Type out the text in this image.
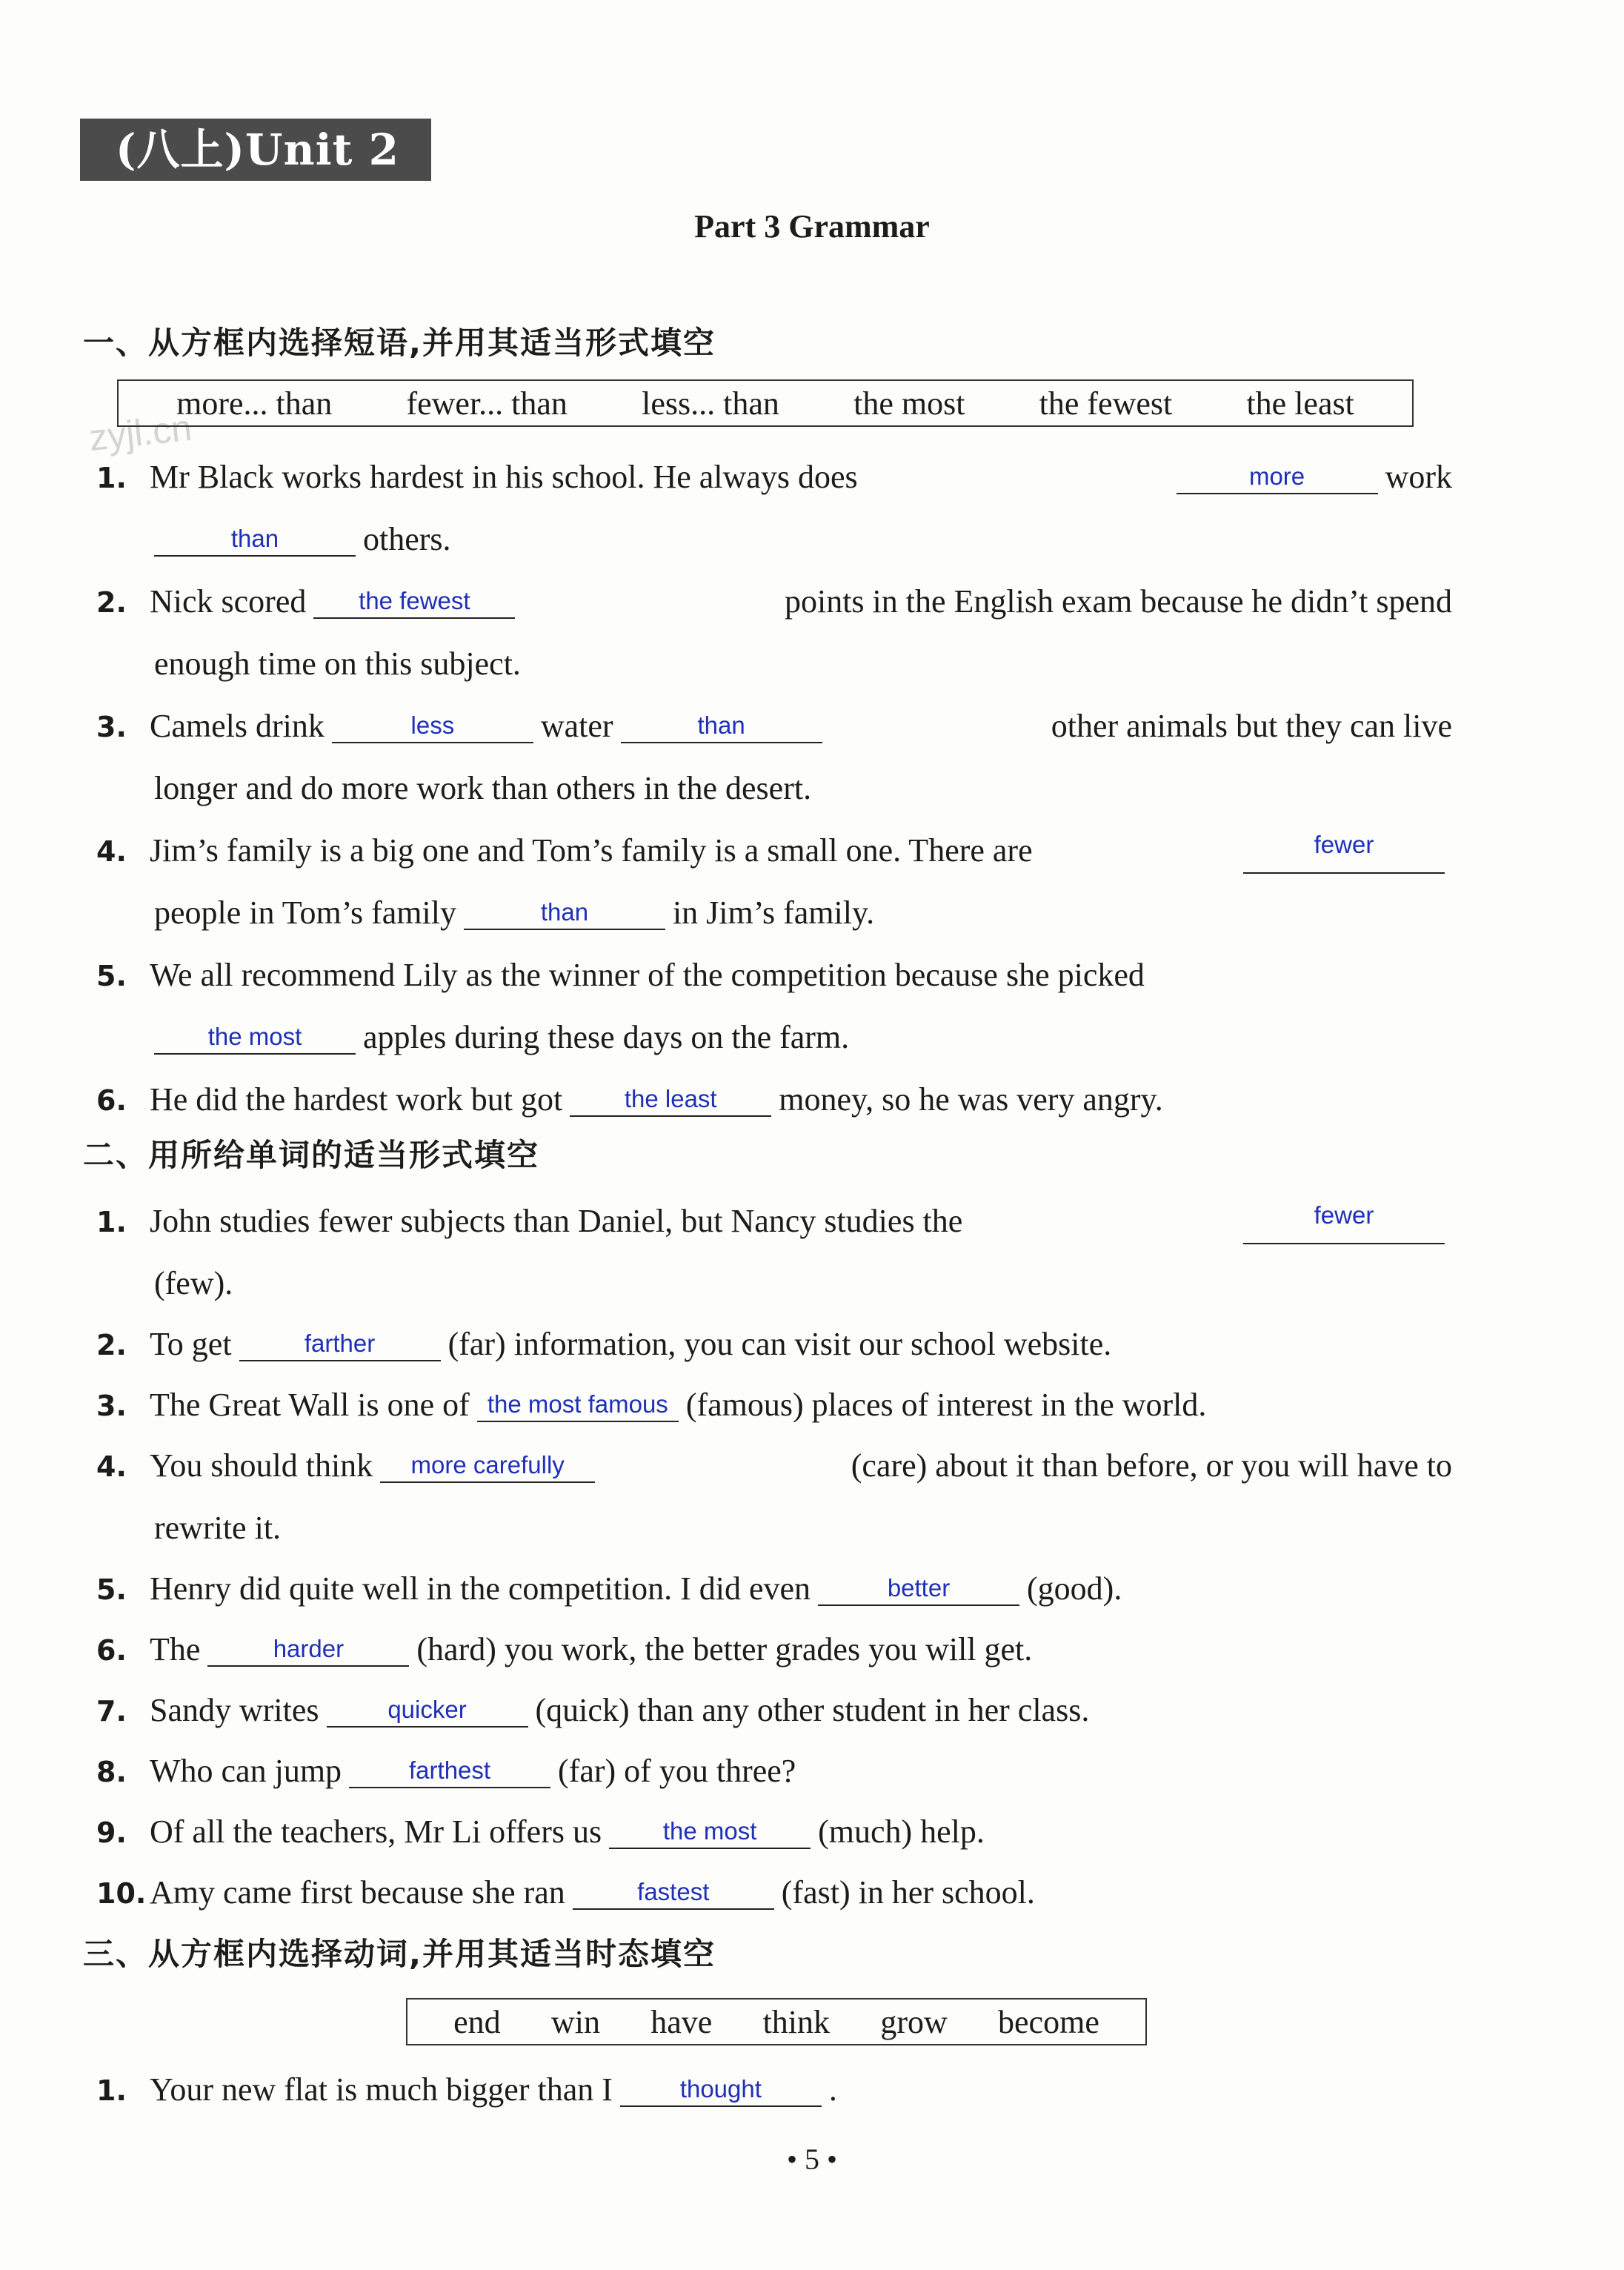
(八上)Unit 2
Part 3 Grammar
zyjl.cn
一、从方框内选择短语,并用其适当形式填空
more... than fewer... than less... than the most the fewest the least
1. Mr Black works hardest in his school. He always does	more work
than	others.
2. Nick scored the fewest	points in the English exam because he didn’t spend
enough time on this subject.
3. Camels drink	less	water	than	other animals but they can live
longer and do more work than others in the desert.
4. Jim’s family is a big one and Tom’s family is a small one. There are	fewer
people in Tom’s family	than	in Jim’s family.
5. We all recommend Lily as the winner of the competition because she picked
the most apples during these days on the farm.
6. He did the hardest work but got	the least money, so he was very angry.
二、用所给单词的适当形式填空
1. John studies fewer subjects than Daniel, but Nancy studies the	fewer
(few).
2. To get	farther (far) information, you can visit our school website.
3. The Great Wall is one of the most famous (famous) places of interest in the world.
4. You should think more carefully	(care) about it than before, or you will have to
rewrite it.
5. Henry did quite well in the competition. I did even	better (good).
6. The	harder (hard) you work, the better grades you will get.
7. Sandy writes	quicker (quick) than any other student in her class.
8. Who can jump	farthest (far) of you three?
9. Of all the teachers, Mr Li offers us	the most (much) help.
10. Amy came first because she ran	fastest (fast) in her school.
三、从方框内选择动词,并用其适当时态填空
end win have think grow become
1. Your new flat is much bigger than I	thought .
• 5 •
